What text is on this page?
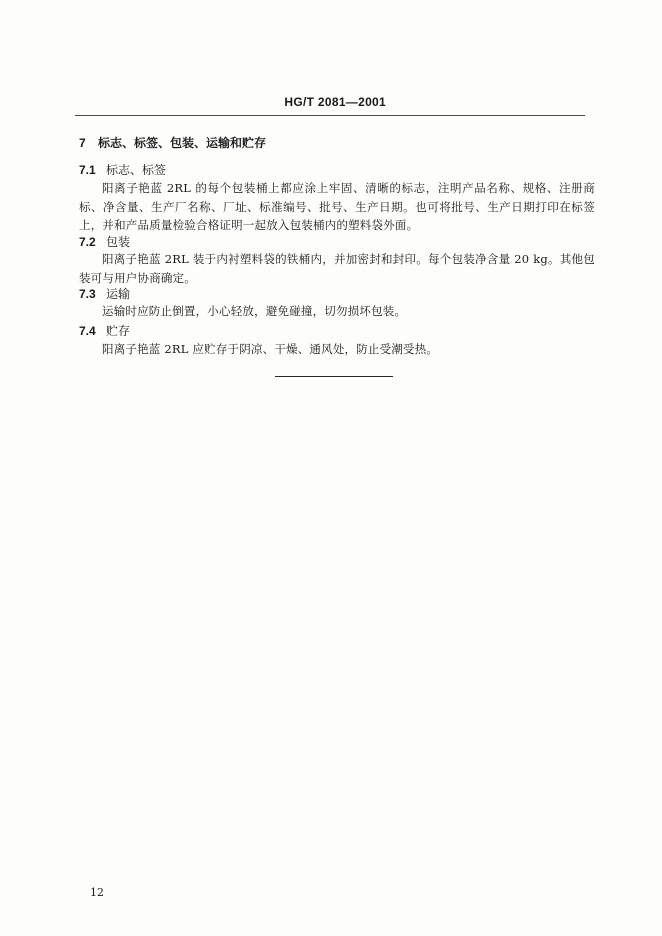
HG/T 2081—2001
7 标志、标签、包装、运输和贮存
7.1 标志、标签
阳离子艳蓝 2RL 的每个包装桶上都应涂上牢固、清晰的标志，注明产品名称、规格、注册商标、净含量、生产厂名称、厂址、标准编号、批号、生产日期。也可将批号、生产日期打印在标签上，并和产品质量检验合格证明一起放入包装桶内的塑料袋外面。
7.2 包装
阳离子艳蓝 2RL 装于内衬塑料袋的铁桶内，并加密封和封印。每个包装净含量 20 kg。其他包装可与用户协商确定。
7.3 运输
运输时应防止倒置，小心轻放，避免碰撞，切勿损坏包装。
7.4 贮存
阳离子艳蓝 2RL 应贮存于阴凉、干燥、通风处，防止受潮受热。
12
